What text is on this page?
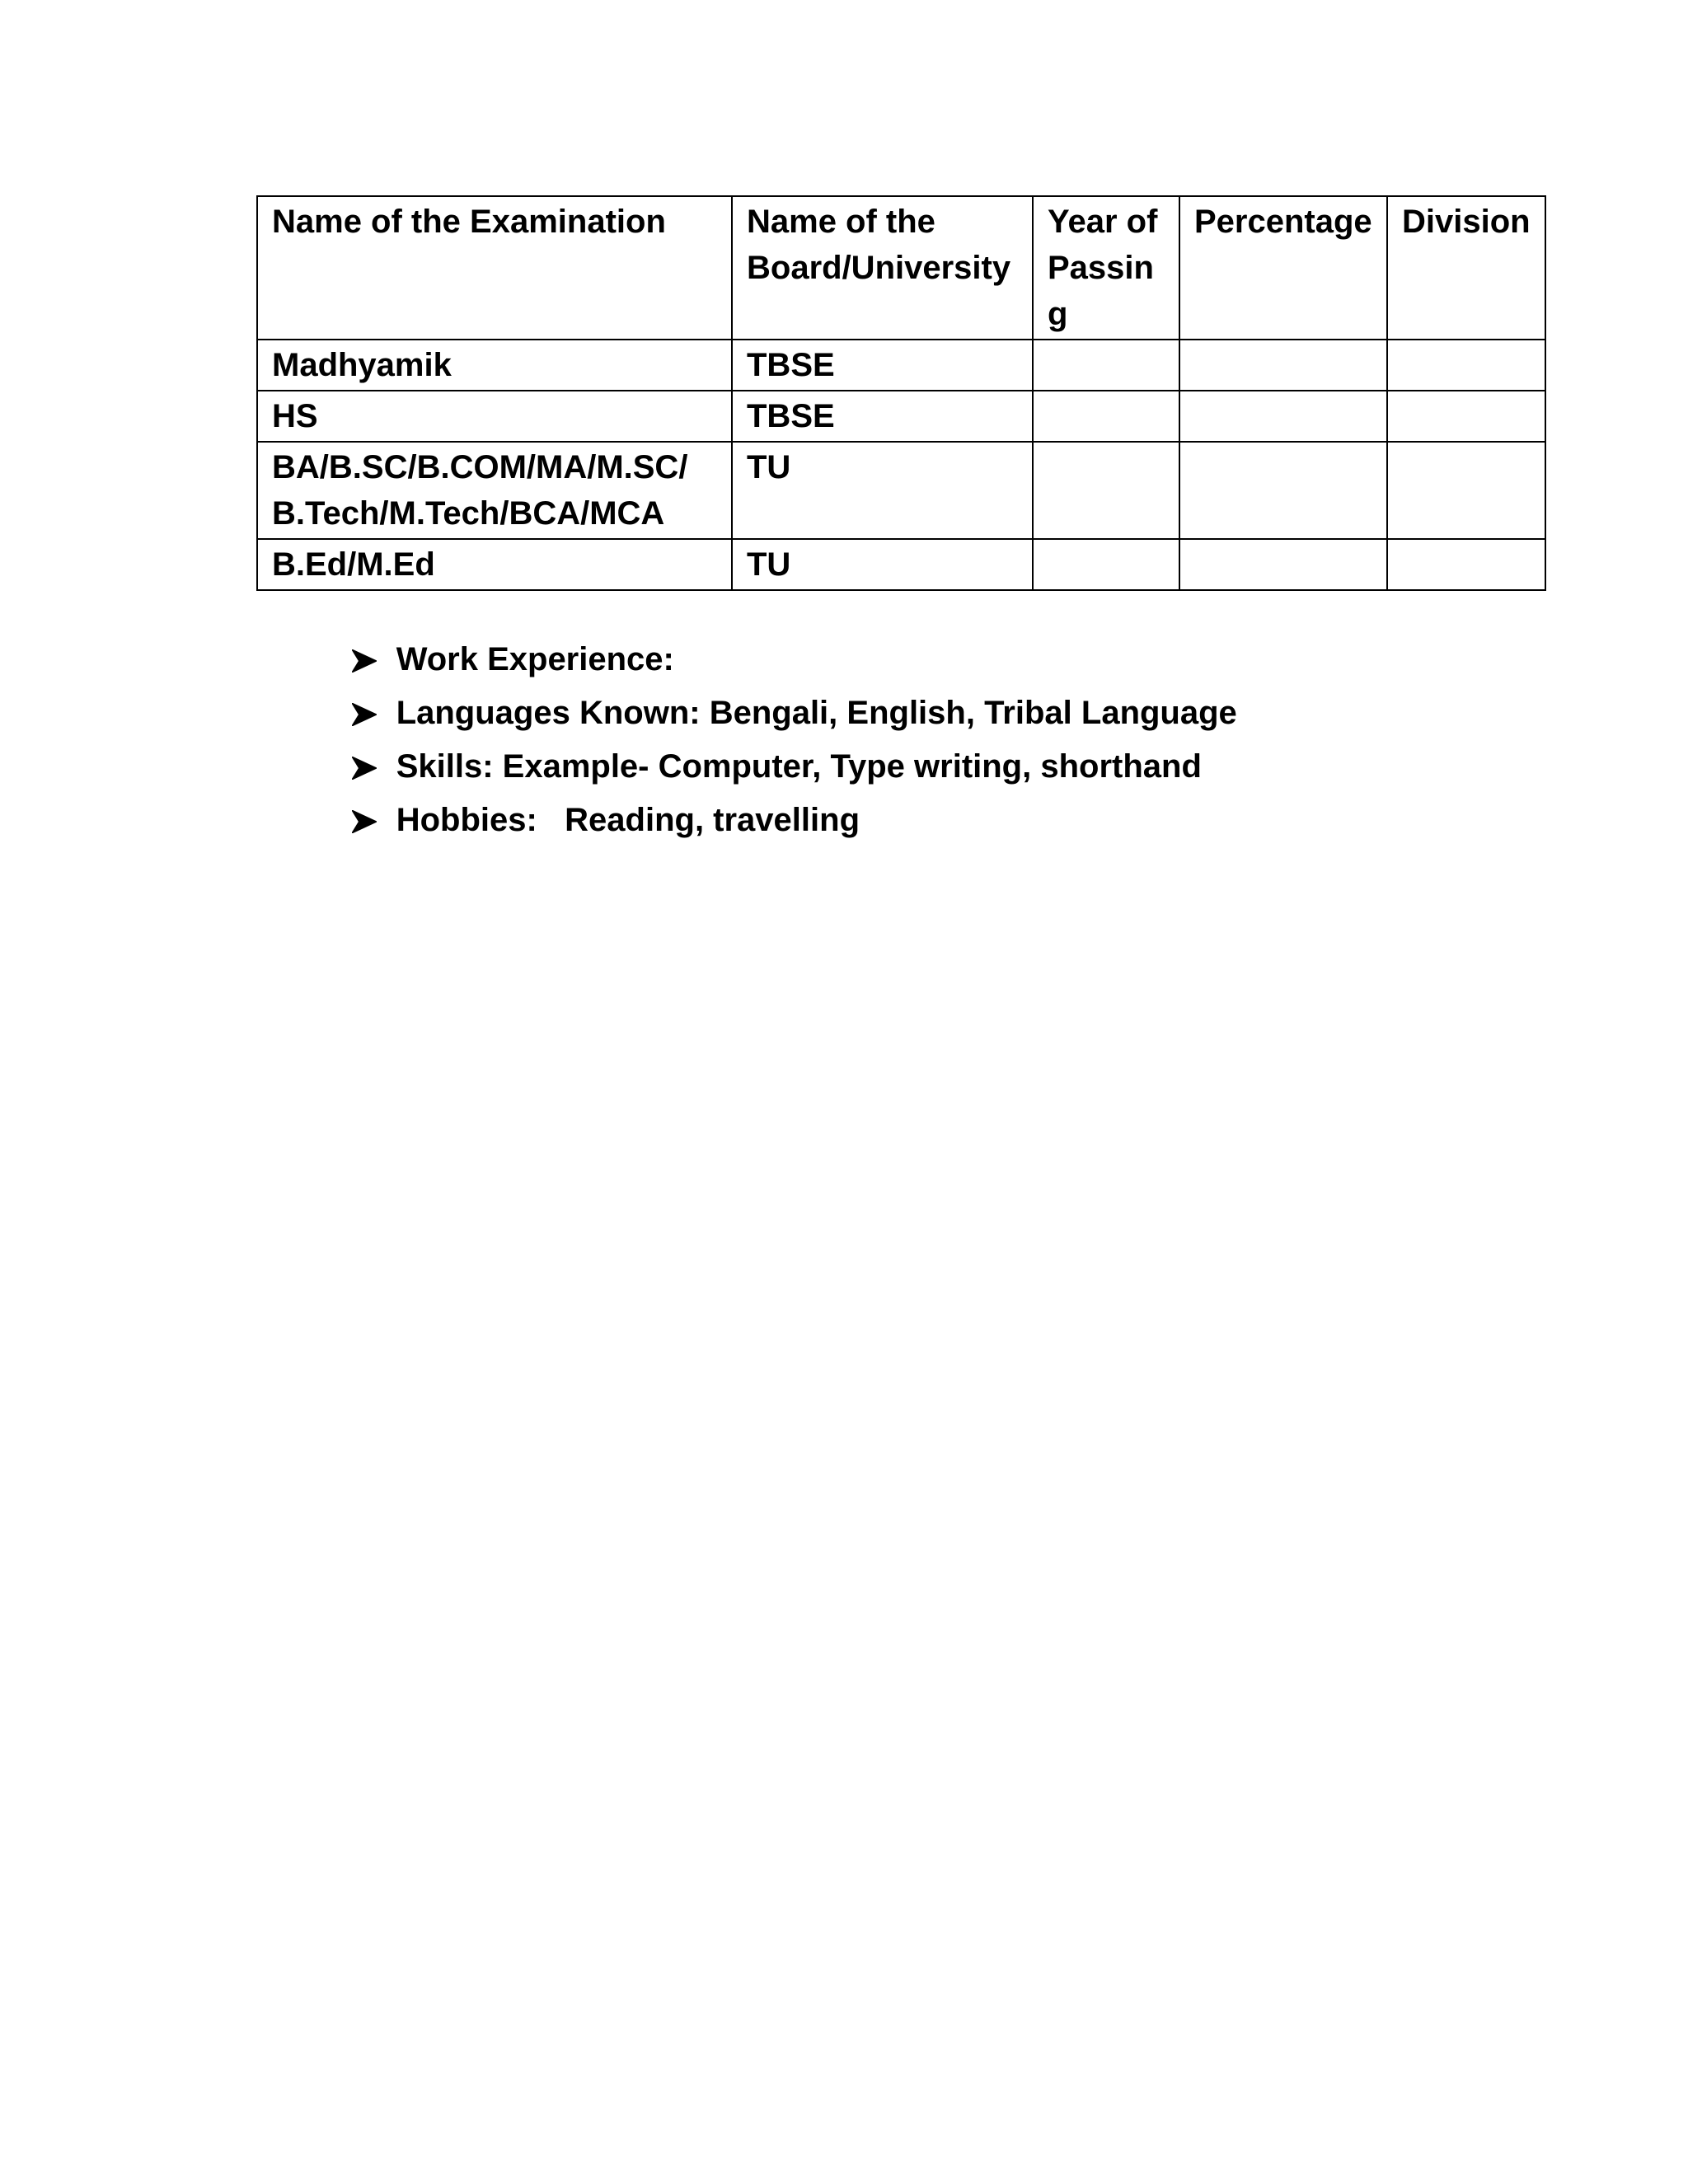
Name of the Examination	Name of the Board/University	Year of Passing	Percentage	Division
Madhyamik	TBSE			
HS	TBSE			
BA/B.SC/B.COM/MA/M.SC/ B.Tech/M.Tech/BCA/MCA	TU			
B.Ed/M.Ed	TU			

Work Experience:

Languages Known: Bengali, English, Tribal Language

Skills: Example- Computer, Type writing, shorthand

Hobbies:   Reading, travelling
